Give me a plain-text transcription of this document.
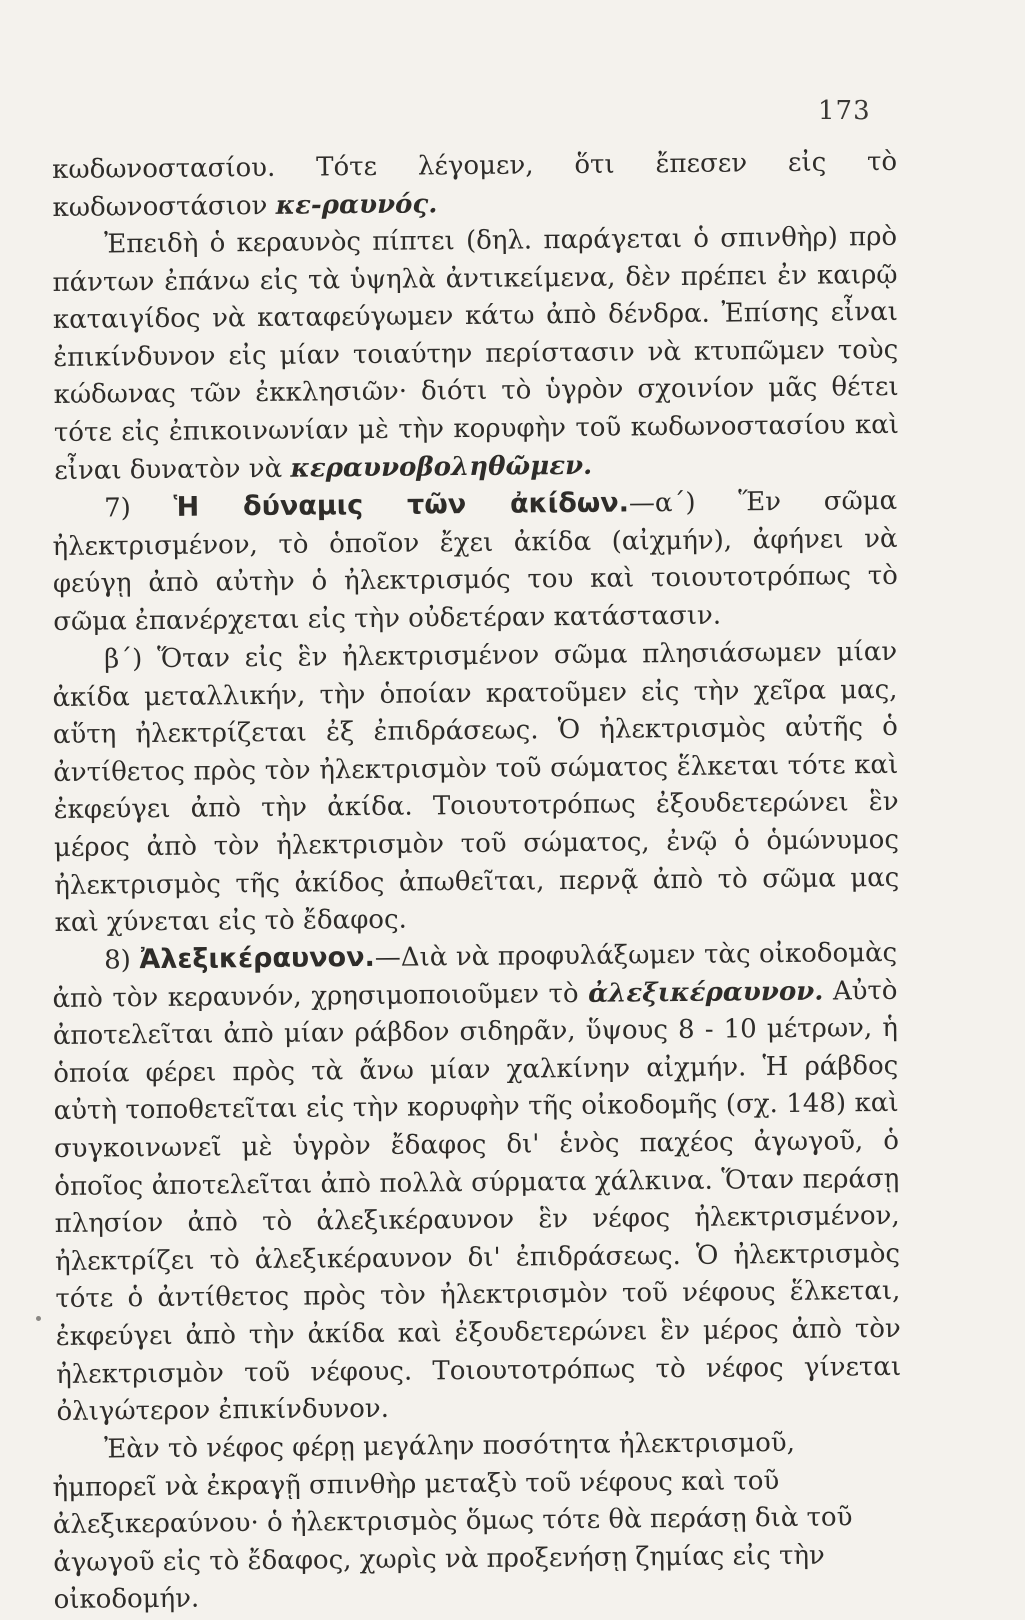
173

κωδωνοστασίου. Τότε λέγομεν, ὅτι ἔπεσεν εἰς τὸ κωδωνοστάσιον κε-ραυνός.

Ἐπειδὴ ὁ κεραυνὸς πίπτει (δηλ. παράγεται ὁ σπινθὴρ) πρὸ πάντων ἐπάνω εἰς τὰ ὑψηλὰ ἀντικείμενα, δὲν πρέπει ἐν καιρῷ καταιγίδος νὰ καταφεύγωμεν κάτω ἀπὸ δένδρα. Ἐπίσης εἶναι ἐπικίνδυνον εἰς μίαν τοιαύτην περίστασιν νὰ κτυπῶμεν τοὺς κώδωνας τῶν ἐκκλησιῶν· διότι τὸ ὑγρὸν σχοινίον μᾶς θέτει τότε εἰς ἐπικοινωνίαν μὲ τὴν κορυφὴν τοῦ κωδωνοστασίου καὶ εἶναι δυνατὸν νὰ κεραυνοβοληθῶμεν.

7) Ἡ δύναμις τῶν ἀκίδων.—α΄) Ἕν σῶμα ἠλεκτρισμένον, τὸ ὁποῖον ἔχει ἀκίδα (αἰχμήν), ἀφήνει νὰ φεύγῃ ἀπὸ αὐτὴν ὁ ἠλεκτρισμός του καὶ τοιουτοτρόπως τὸ σῶμα ἐπανέρχεται εἰς τὴν οὐδετέραν κατάστασιν.

β΄) Ὅταν εἰς ἓν ἠλεκτρισμένον σῶμα πλησιάσωμεν μίαν ἀκίδα μεταλλικήν, τὴν ὁποίαν κρατοῦμεν εἰς τὴν χεῖρα μας, αὕτη ἠλεκτρίζεται ἐξ ἐπιδράσεως. Ὁ ἠλεκτρισμὸς αὐτῆς ὁ ἀντίθετος πρὸς τὸν ἠλεκτρισμὸν τοῦ σώματος ἕλκεται τότε καὶ ἐκφεύγει ἀπὸ τὴν ἀκίδα. Τοιουτοτρόπως ἐξουδετερώνει ἓν μέρος ἀπὸ τὸν ἠλεκτρισμὸν τοῦ σώματος, ἐνῷ ὁ ὁμώνυμος ἠλεκτρισμὸς τῆς ἀκίδος ἀπωθεῖται, περνᾷ ἀπὸ τὸ σῶμα μας καὶ χύνεται εἰς τὸ ἔδαφος.

8) Ἀλεξικέραυνον.—Διὰ νὰ προφυλάξωμεν τὰς οἰκοδομὰς ἀπὸ τὸν κεραυνόν, χρησιμοποιοῦμεν τὸ ἀλεξικέραυνον. Αὐτὸ ἀποτελεῖται ἀπὸ μίαν ράβδον σιδηρᾶν, ὕψους 8 - 10 μέτρων, ἡ ὁποία φέρει πρὸς τὰ ἄνω μίαν χαλκίνην αἰχμήν. Ἡ ράβδος αὐτὴ τοποθετεῖται εἰς τὴν κορυφὴν τῆς οἰκοδομῆς (σχ. 148) καὶ συγκοινωνεῖ μὲ ὑγρὸν ἔδαφος δι' ἑνὸς παχέος ἀγωγοῦ, ὁ ὁποῖος ἀποτελεῖται ἀπὸ πολλὰ σύρματα χάλκινα. Ὅταν περάσῃ πλησίον ἀπὸ τὸ ἀλεξικέραυνον ἓν νέφος ἠλεκτρισμένον, ἠλεκτρίζει τὸ ἀλεξικέραυνον δι' ἐπιδράσεως. Ὁ ἠλεκτρισμὸς τότε ὁ ἀντίθετος πρὸς τὸν ἠλεκτρισμὸν τοῦ νέφους ἕλκεται, ἐκφεύγει ἀπὸ τὴν ἀκίδα καὶ ἐξουδετερώνει ἓν μέρος ἀπὸ τὸν ἠλεκτρισμὸν τοῦ νέφους. Τοιουτοτρόπως τὸ νέφος γίνεται ὀλιγώτερον ἐπικίνδυνον.

Ἐὰν τὸ νέφος φέρῃ μεγάλην ποσότητα ἠλεκτρισμοῦ, ἠμπορεῖ νὰ ἐκραγῇ σπινθὴρ μεταξὺ τοῦ νέφους καὶ τοῦ ἀλεξικεραύνου· ὁ ἠλεκτρισμὸς ὅμως τότε θὰ περάσῃ διὰ τοῦ ἀγωγοῦ εἰς τὸ ἔδαφος, χωρὶς νὰ προξενήσῃ ζημίας εἰς τὴν οἰκοδομήν.
